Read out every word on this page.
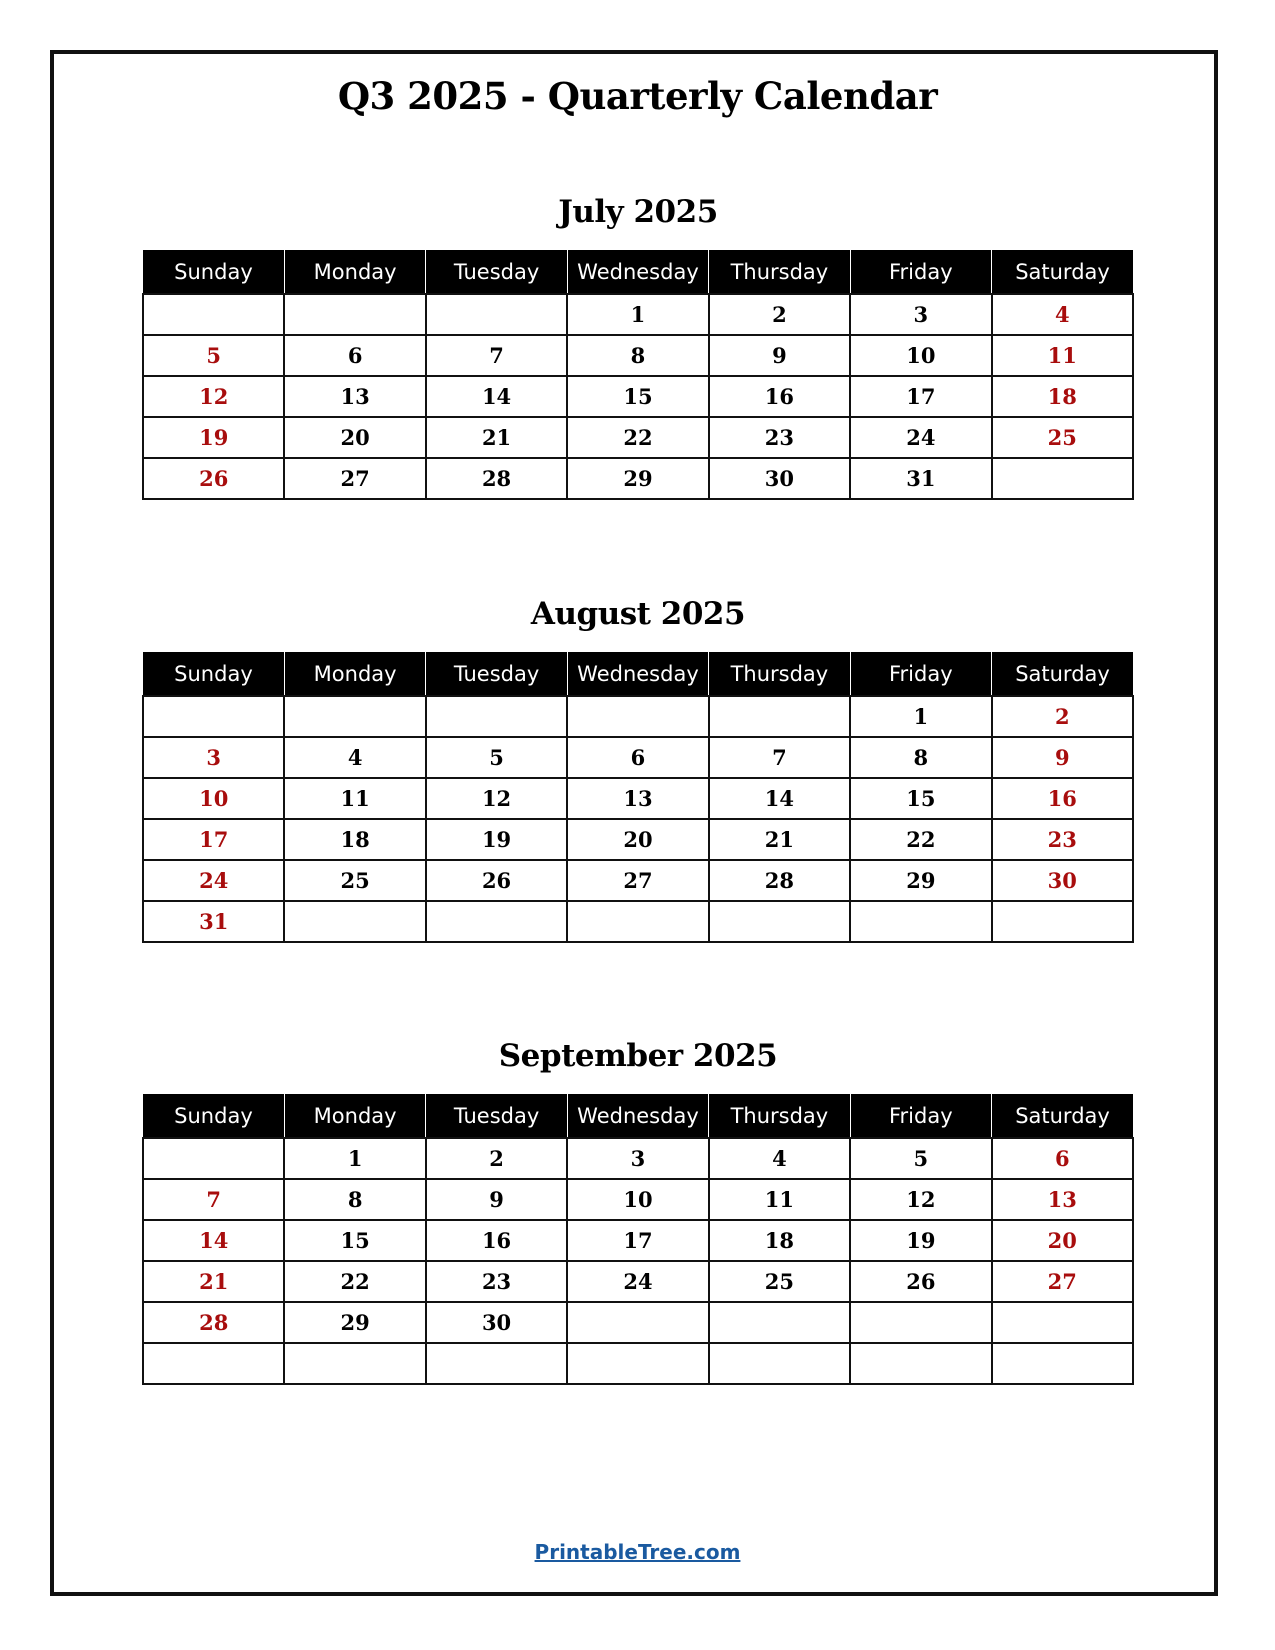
Q3 2025 - Quarterly Calendar
July 2025
Sunday	Monday	Tuesday	Wednesday	Thursday	Friday	Saturday
			1	2	3	4
5	6	7	8	9	10	11
12	13	14	15	16	17	18
19	20	21	22	23	24	25
26	27	28	29	30	31	
August 2025
Sunday	Monday	Tuesday	Wednesday	Thursday	Friday	Saturday
					1	2
3	4	5	6	7	8	9
10	11	12	13	14	15	16
17	18	19	20	21	22	23
24	25	26	27	28	29	30
31						
September 2025
Sunday	Monday	Tuesday	Wednesday	Thursday	Friday	Saturday
	1	2	3	4	5	6
7	8	9	10	11	12	13
14	15	16	17	18	19	20
21	22	23	24	25	26	27
28	29	30				

PrintableTree.com
